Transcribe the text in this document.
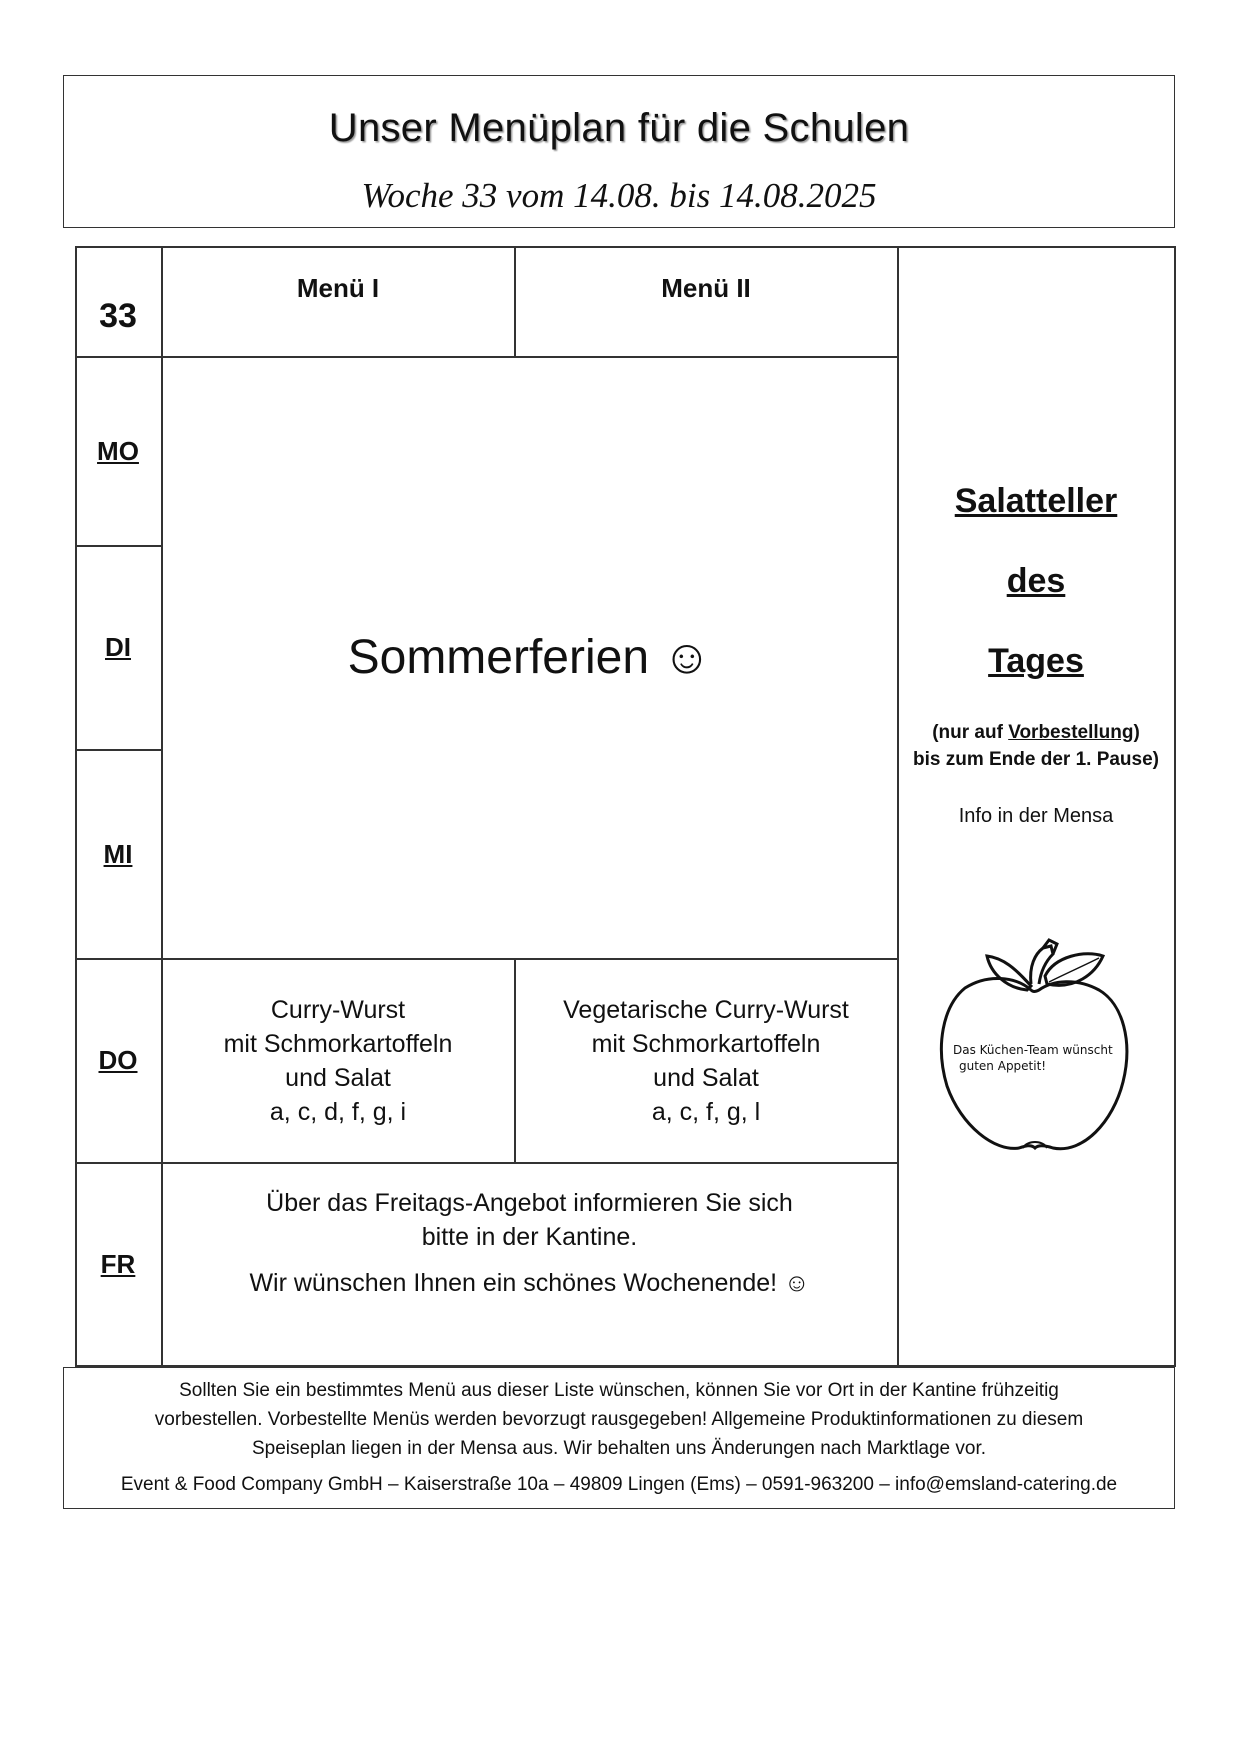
Unser Menüplan für die Schulen
Woche 33 vom 14.08. bis 14.08.2025
33
Menü I	Menü II
MO
DI
MI
DO
FR
Sommerferien ☺
Curry-Wurst
mit Schmorkartoffeln
und Salat
a, c, d, f, g, i
Vegetarische Curry-Wurst
mit Schmorkartoffeln
und Salat
a, c, f, g, l
Über das Freitags-Angebot informieren Sie sich
bitte in der Kantine.
Wir wünschen Ihnen ein schönes Wochenende! ☺
Salatteller
des
Tages
(nur auf Vorbestellung)
bis zum Ende der 1. Pause)
Info in der Mensa
Das Küchen-Team wünscht
guten Appetit!
Sollten Sie ein bestimmtes Menü aus dieser Liste wünschen, können Sie vor Ort in der Kantine frühzeitig
vorbestellen. Vorbestellte Menüs werden bevorzugt rausgegeben! Allgemeine Produktinformationen zu diesem
Speiseplan liegen in der Mensa aus. Wir behalten uns Änderungen nach Marktlage vor.
Event & Food Company GmbH – Kaiserstraße 10a – 49809 Lingen (Ems) – 0591-963200 – info@emsland-catering.de
